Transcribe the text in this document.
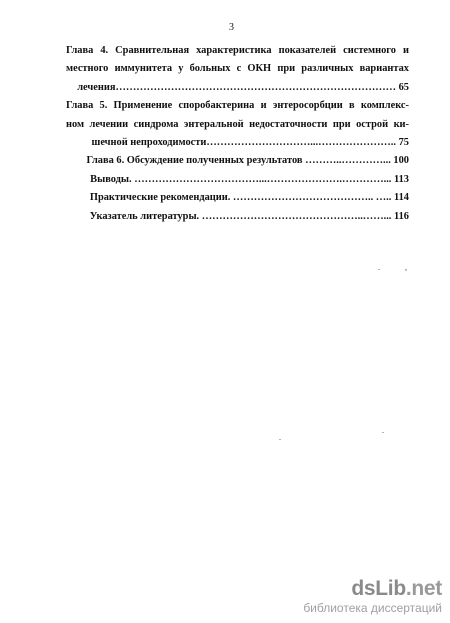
3
Глава 4. Сравнительная характеристика показателей системного и
местного иммунитета у больных с ОКН при различных вариантах
лечения……………………………………………………………………… 65
Глава 5. Применение споробактерина и энтеросорбции в комплекс-
ном лечении синдрома энтеральной недостаточности при острой ки-
шечной непроходимости…………………………...………………….. 75
Глава 6. Обсуждение полученных результатов ………..…………... 100
Выводы. ………………………………...………………….…………... 113
Практические рекомендации. ………………………………….. ….. 114
Указатель литературы. ………………………………………..……... 116
.	,
.
.
dsLib.net
библиотека диссертаций
